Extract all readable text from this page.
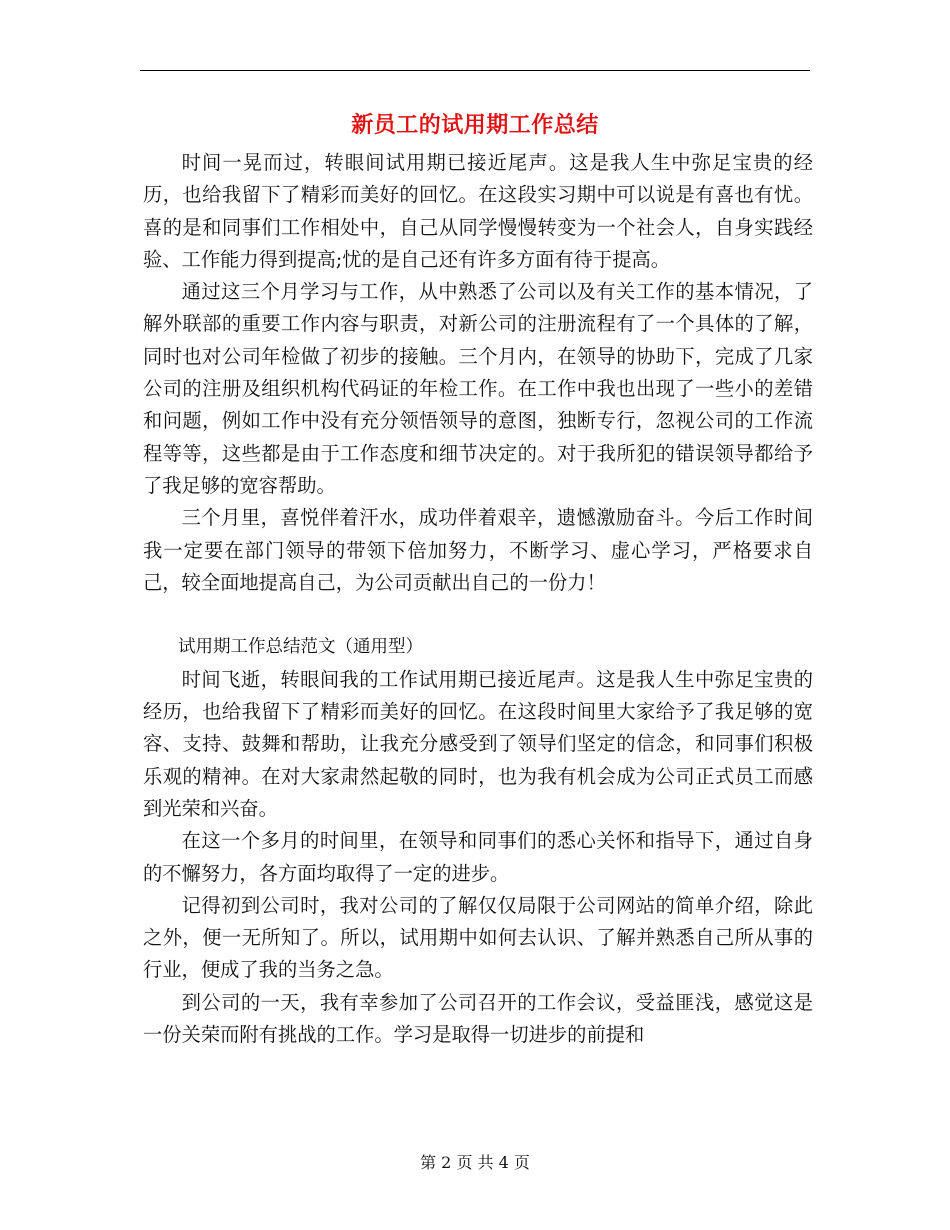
新员工的试用期工作总结

时间一晃而过，转眼间试用期已接近尾声。这是我人生中弥足宝贵的经历，也给我留下了精彩而美好的回忆。在这段实习期中可以说是有喜也有忧。喜的是和同事们工作相处中，自己从同学慢慢转变为一个社会人，自身实践经验、工作能力得到提高;忧的是自己还有许多方面有待于提高。

通过这三个月学习与工作，从中熟悉了公司以及有关工作的基本情况，了解外联部的重要工作内容与职责，对新公司的注册流程有了一个具体的了解，同时也对公司年检做了初步的接触。三个月内，在领导的协助下，完成了几家公司的注册及组织机构代码证的年检工作。在工作中我也出现了一些小的差错和问题，例如工作中没有充分领悟领导的意图，独断专行，忽视公司的工作流程等等，这些都是由于工作态度和细节决定的。对于我所犯的错误领导都给予了我足够的宽容帮助。

三个月里，喜悦伴着汗水，成功伴着艰辛，遗憾激励奋斗。今后工作时间我一定要在部门领导的带领下倍加努力，不断学习、虚心学习，严格要求自己，较全面地提高自己，为公司贡献出自己的一份力！

试用期工作总结范文（通用型）

时间飞逝，转眼间我的工作试用期已接近尾声。这是我人生中弥足宝贵的经历，也给我留下了精彩而美好的回忆。在这段时间里大家给予了我足够的宽容、支持、鼓舞和帮助，让我充分感受到了领导们坚定的信念，和同事们积极乐观的精神。在对大家肃然起敬的同时，也为我有机会成为公司正式员工而感到光荣和兴奋。

在这一个多月的时间里，在领导和同事们的悉心关怀和指导下，通过自身的不懈努力，各方面均取得了一定的进步。

记得初到公司时，我对公司的了解仅仅局限于公司网站的简单介绍，除此之外，便一无所知了。所以，试用期中如何去认识、了解并熟悉自己所从事的行业，便成了我的当务之急。

到公司的一天，我有幸参加了公司召开的工作会议，受益匪浅，感觉这是一份关荣而附有挑战的工作。学习是取得一切进步的前提和

第 2 页 共 4 页
